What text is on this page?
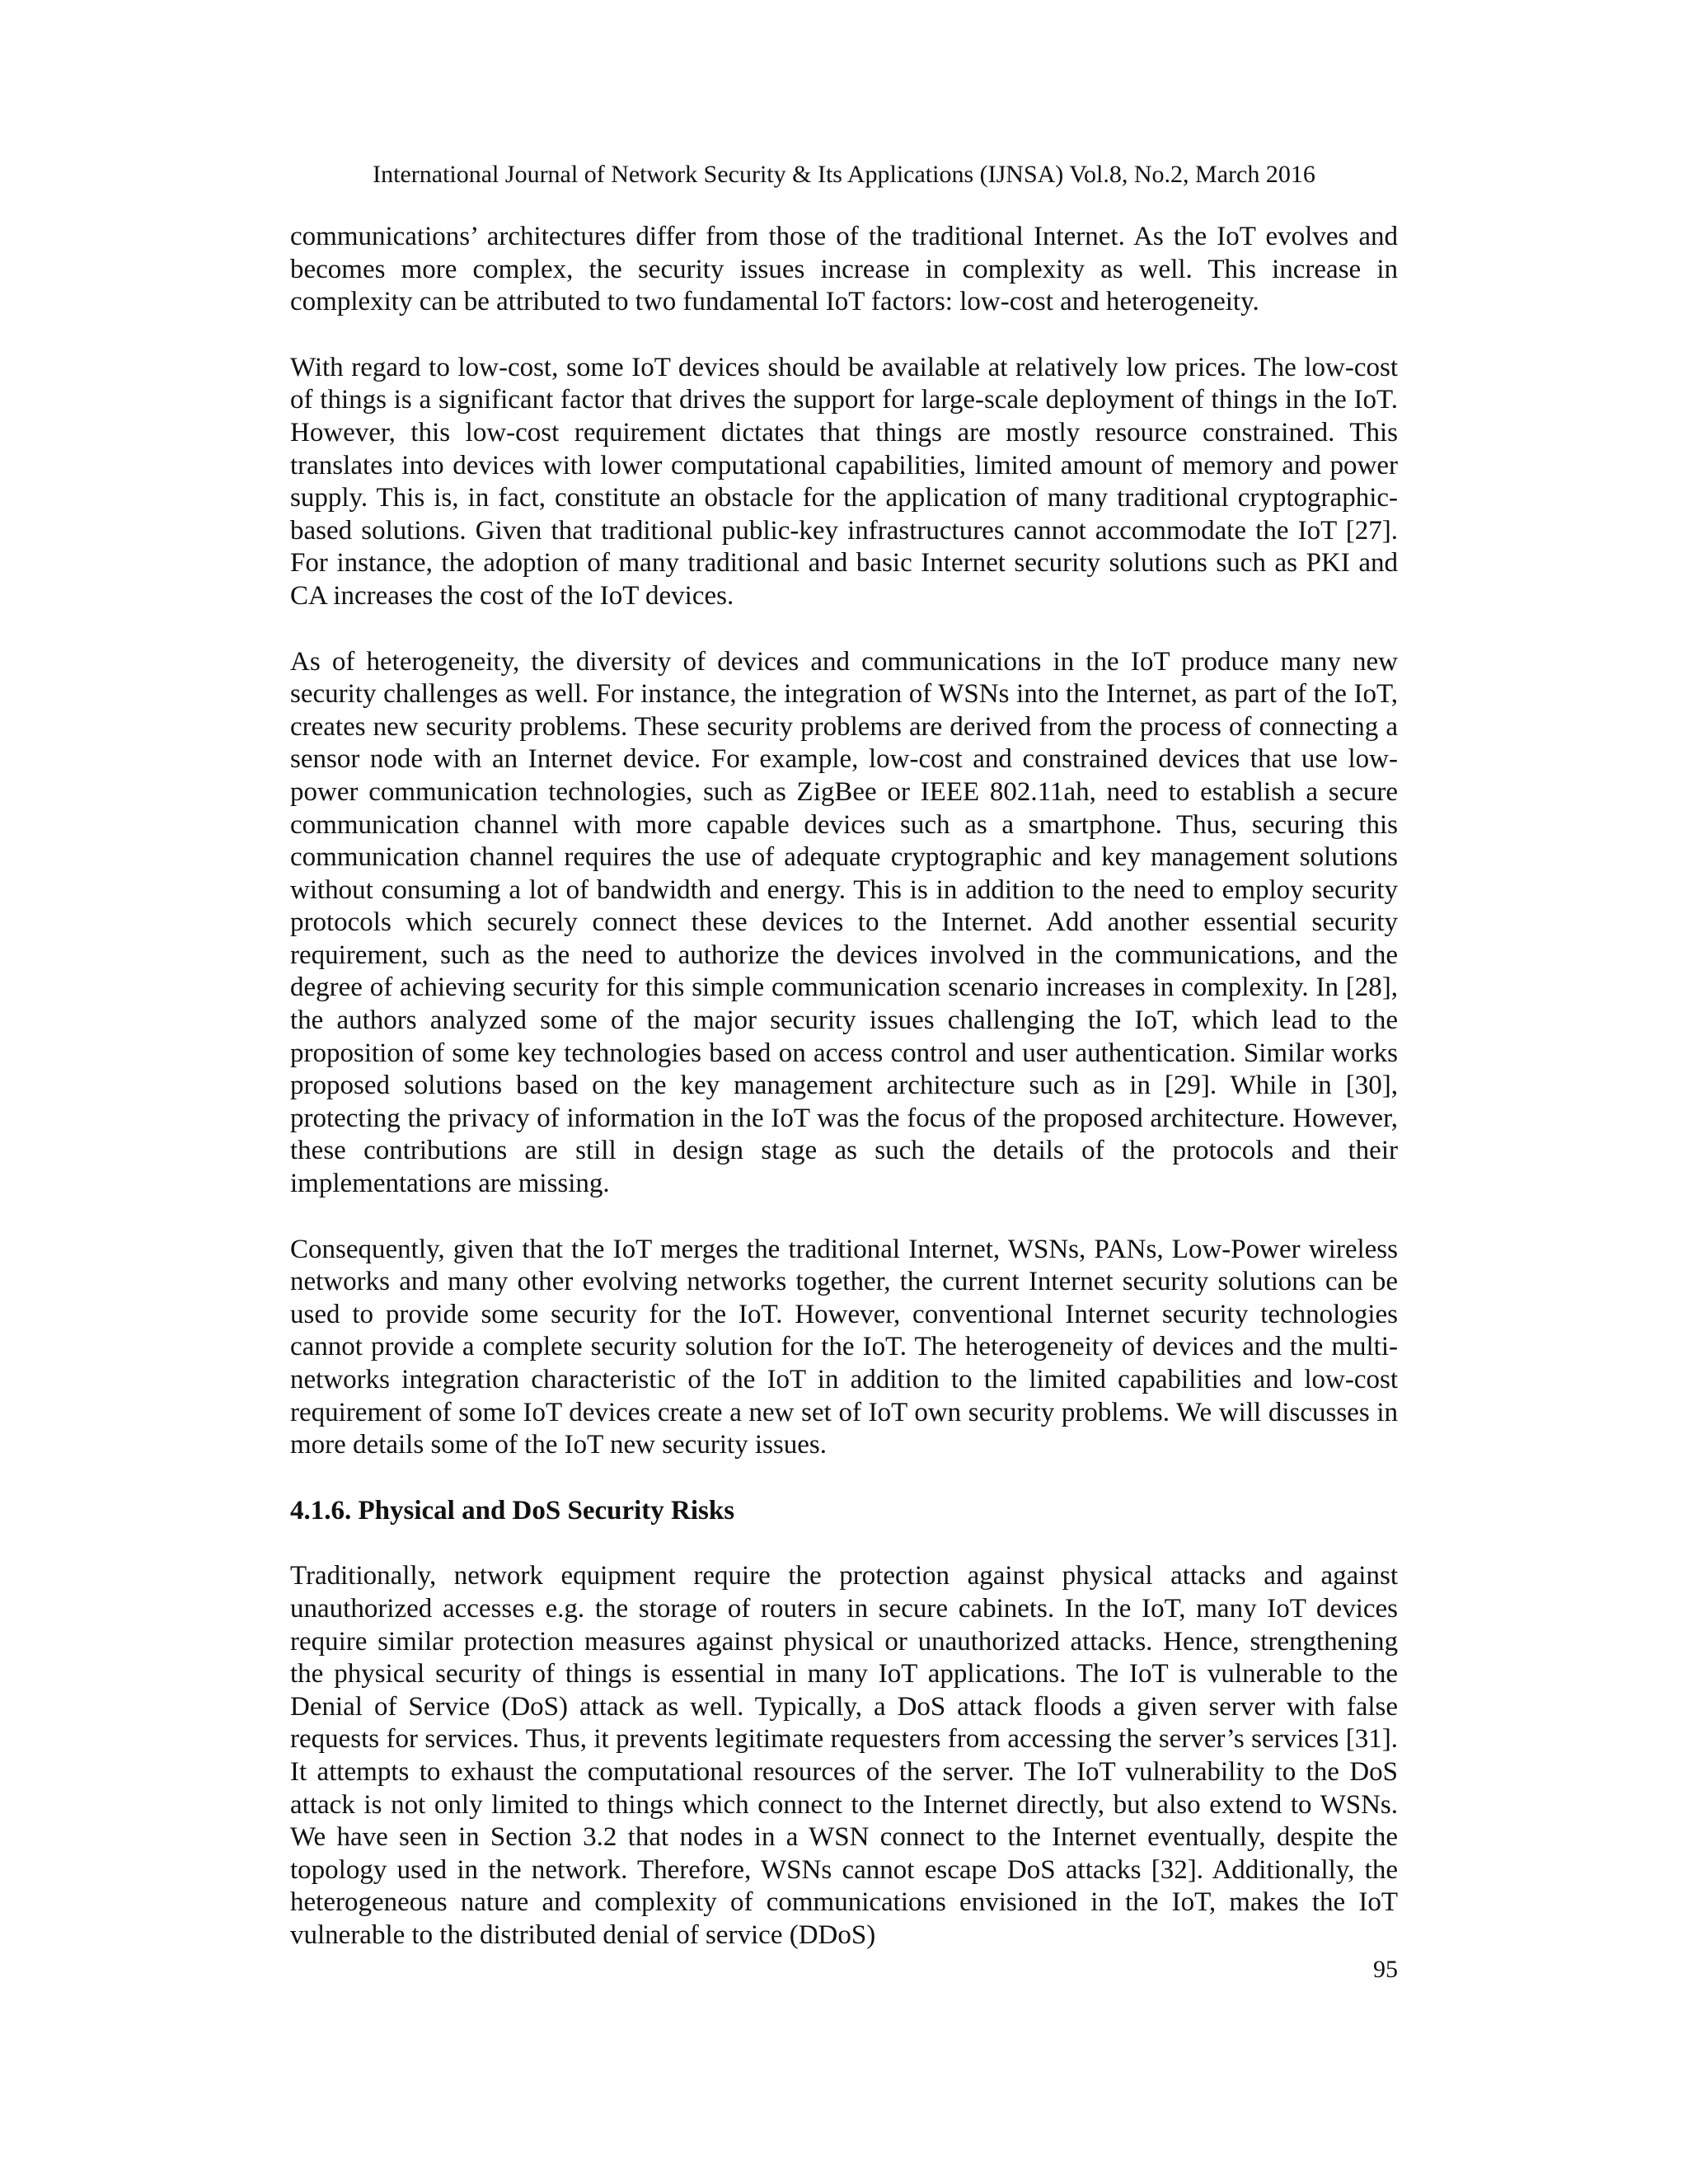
International Journal of Network Security & Its Applications (IJNSA) Vol.8, No.2, March 2016

communications’ architectures differ from those of the traditional Internet. As the IoT evolves and becomes more complex, the security issues increase in complexity as well. This increase in complexity can be attributed to two fundamental IoT factors: low-cost and heterogeneity.

With regard to low-cost, some IoT devices should be available at relatively low prices. The low-cost of things is a significant factor that drives the support for large-scale deployment of things in the IoT. However, this low-cost requirement dictates that things are mostly resource constrained. This translates into devices with lower computational capabilities, limited amount of memory and power supply. This is, in fact, constitute an obstacle for the application of many traditional cryptographic-based solutions. Given that traditional public-key infrastructures cannot accommodate the IoT [27]. For instance, the adoption of many traditional and basic Internet security solutions such as PKI and CA increases the cost of the IoT devices.

As of heterogeneity, the diversity of devices and communications in the IoT produce many new security challenges as well. For instance, the integration of WSNs into the Internet, as part of the IoT, creates new security problems. These security problems are derived from the process of connecting a sensor node with an Internet device. For example, low-cost and constrained devices that use low-power communication technologies, such as ZigBee or IEEE 802.11ah, need to establish a secure communication channel with more capable devices such as a smartphone. Thus, securing this communication channel requires the use of adequate cryptographic and key management solutions without consuming a lot of bandwidth and energy. This is in addition to the need to employ security protocols which securely connect these devices to the Internet. Add another essential security requirement, such as the need to authorize the devices involved in the communications, and the degree of achieving security for this simple communication scenario increases in complexity. In [28], the authors analyzed some of the major security issues challenging the IoT, which lead to the proposition of some key technologies based on access control and user authentication. Similar works proposed solutions based on the key management architecture such as in [29]. While in [30], protecting the privacy of information in the IoT was the focus of the proposed architecture. However, these contributions are still in design stage as such the details of the protocols and their implementations are missing.

Consequently, given that the IoT merges the traditional Internet, WSNs, PANs, Low-Power wireless networks and many other evolving networks together, the current Internet security solutions can be used to provide some security for the IoT. However, conventional Internet security technologies cannot provide a complete security solution for the IoT. The heterogeneity of devices and the multi-networks integration characteristic of the IoT in addition to the limited capabilities and low-cost requirement of some IoT devices create a new set of IoT own security problems. We will discusses in more details some of the IoT new security issues.

4.1.6. Physical and DoS Security Risks

Traditionally, network equipment require the protection against physical attacks and against unauthorized accesses e.g. the storage of routers in secure cabinets. In the IoT, many IoT devices require similar protection measures against physical or unauthorized attacks. Hence, strengthening the physical security of things is essential in many IoT applications. The IoT is vulnerable to the Denial of Service (DoS) attack as well. Typically, a DoS attack floods a given server with false requests for services. Thus, it prevents legitimate requesters from accessing the server’s services [31]. It attempts to exhaust the computational resources of the server. The IoT vulnerability to the DoS attack is not only limited to things which connect to the Internet directly, but also extend to WSNs. We have seen in Section 3.2 that nodes in a WSN connect to the Internet eventually, despite the topology used in the network. Therefore, WSNs cannot escape DoS attacks [32]. Additionally, the heterogeneous nature and complexity of communications envisioned in the IoT, makes the IoT vulnerable to the distributed denial of service (DDoS)

95
